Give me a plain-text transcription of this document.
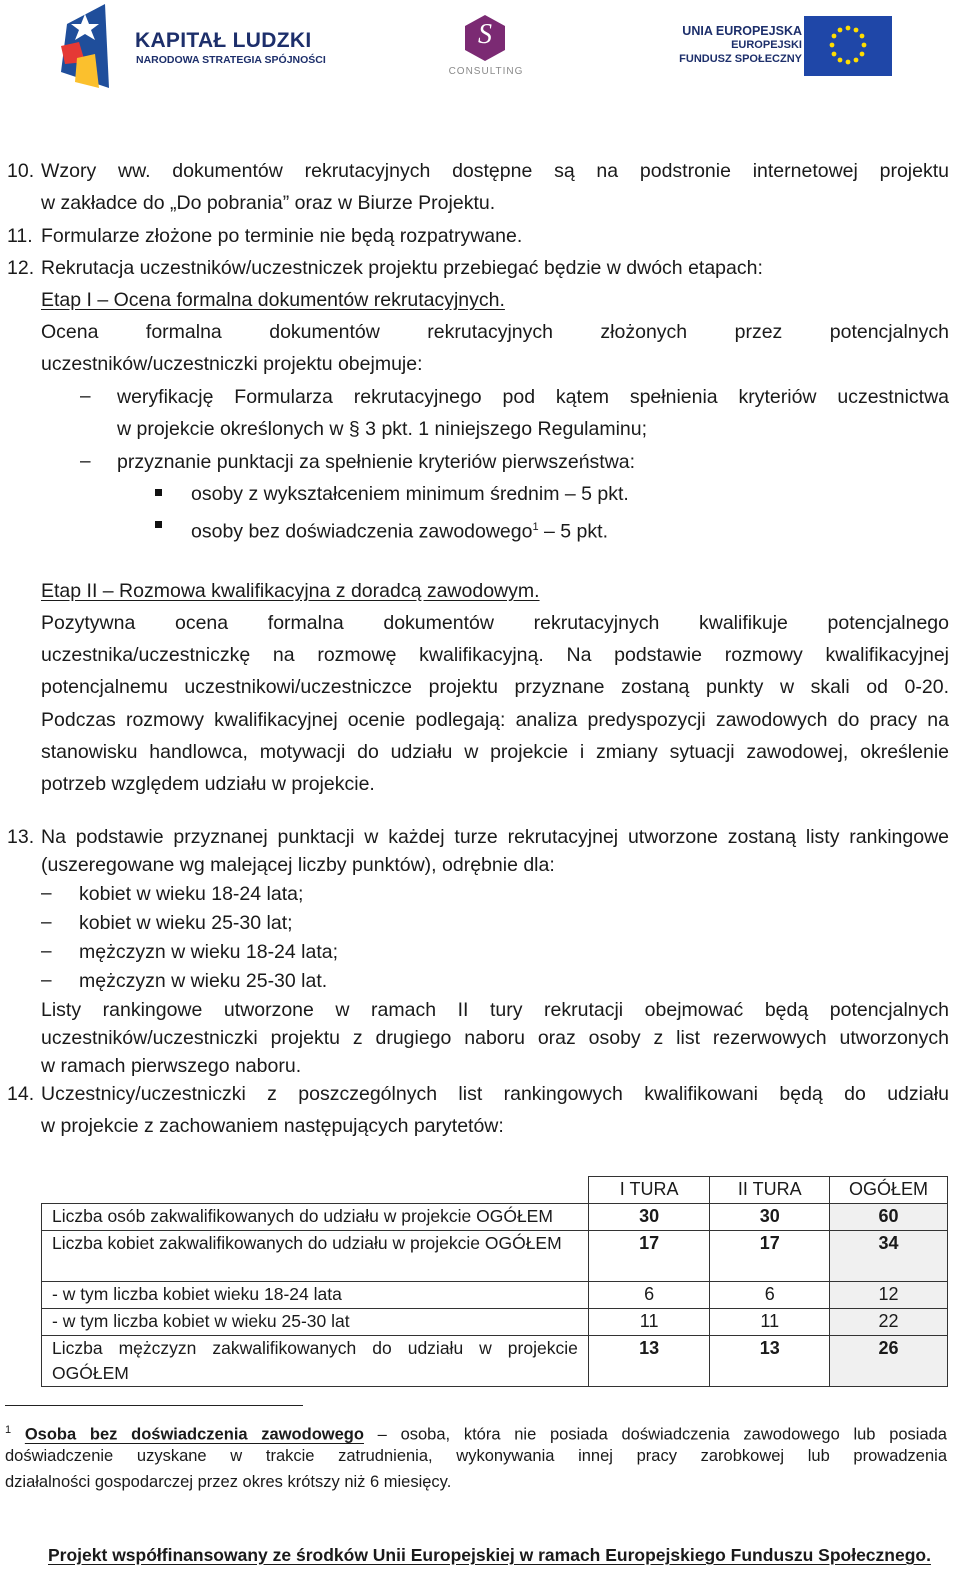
KAPITAŁ LUDZKI
NARODOWA STRATEGIA SPÓJNOŚCI
S
CONSULTING
UNIA EUROPEJSKA
EUROPEJSKI
FUNDUSZ SPOŁECZNY
10. Wzory ww. dokumentów rekrutacyjnych dostępne są na podstronie internetowej projektu
w zakładce do „Do pobrania” oraz w Biurze Projektu.
11. Formularze złożone po terminie nie będą rozpatrywane.
12. Rekrutacja uczestników/uczestniczek projektu przebiegać będzie w dwóch etapach:
Etap I – Ocena formalna dokumentów rekrutacyjnych.
Ocena formalna dokumentów rekrutacyjnych złożonych przez potencjalnych
uczestników/uczestniczki projektu obejmuje:
– weryfikację Formularza rekrutacyjnego pod kątem spełnienia kryteriów uczestnictwa
w projekcie określonych w § 3 pkt. 1 niniejszego Regulaminu;
– przyznanie punktacji za spełnienie kryteriów pierwszeństwa:
osoby z wykształceniem minimum średnim – 5 pkt.
osoby bez doświadczenia zawodowego$^1$ – 5 pkt.
Etap II – Rozmowa kwalifikacyjna z doradcą zawodowym.
Pozytywna ocena formalna dokumentów rekrutacyjnych kwalifikuje potencjalnego
uczestnika/uczestniczkę na rozmowę kwalifikacyjną. Na podstawie rozmowy kwalifikacyjnej
potencjalnemu uczestnikowi/uczestniczce projektu przyznane zostaną punkty w skali od 0-20.
Podczas rozmowy kwalifikacyjnej ocenie podlegają: analiza predyspozycji zawodowych do pracy na
stanowisku handlowca, motywacji do udziału w projekcie i zmiany sytuacji zawodowej, określenie
potrzeb względem udziału w projekcie.
13. Na podstawie przyznanej punktacji w każdej turze rekrutacyjnej utworzone zostaną listy rankingowe
(uszeregowane wg malejącej liczby punktów), odrębnie dla:
– kobiet w wieku 18-24 lata;
– kobiet w wieku 25-30 lat;
– mężczyzn w wieku 18-24 lata;
– mężczyzn w wieku 25-30 lat.
Listy rankingowe utworzone w ramach II tury rekrutacji obejmować będą potencjalnych
uczestników/uczestniczki projektu z drugiego naboru oraz osoby z list rezerwowych utworzonych
w ramach pierwszego naboru.
14. Uczestnicy/uczestniczki z poszczególnych list rankingowych kwalifikowani będą do udziału
w projekcie z zachowaniem następujących parytetów:
	I TURA	II TURA	OGÓŁEM
Liczba osób zakwalifikowanych do udziału w projekcie OGÓŁEM	30	30	60
Liczba kobiet zakwalifikowanych do udziału w projekcie OGÓŁEM	17	17	34
- w tym liczba kobiet wieku 18-24 lata	6	6	12
- w tym liczba kobiet w wieku 25-30 lat	11	11	22
Liczba mężczyzn zakwalifikowanych do udziału w projekcie OGÓŁEM	13	13	26
$^1$ Osoba bez doświadczenia zawodowego – osoba, która nie posiada doświadczenia zawodowego lub posiada
doświadczenie uzyskane w trakcie zatrudnienia, wykonywania innej pracy zarobkowej lub prowadzenia
działalności gospodarczej przez okres krótszy niż 6 miesięcy.
Projekt współfinansowany ze środków Unii Europejskiej w ramach Europejskiego Funduszu Społecznego.
